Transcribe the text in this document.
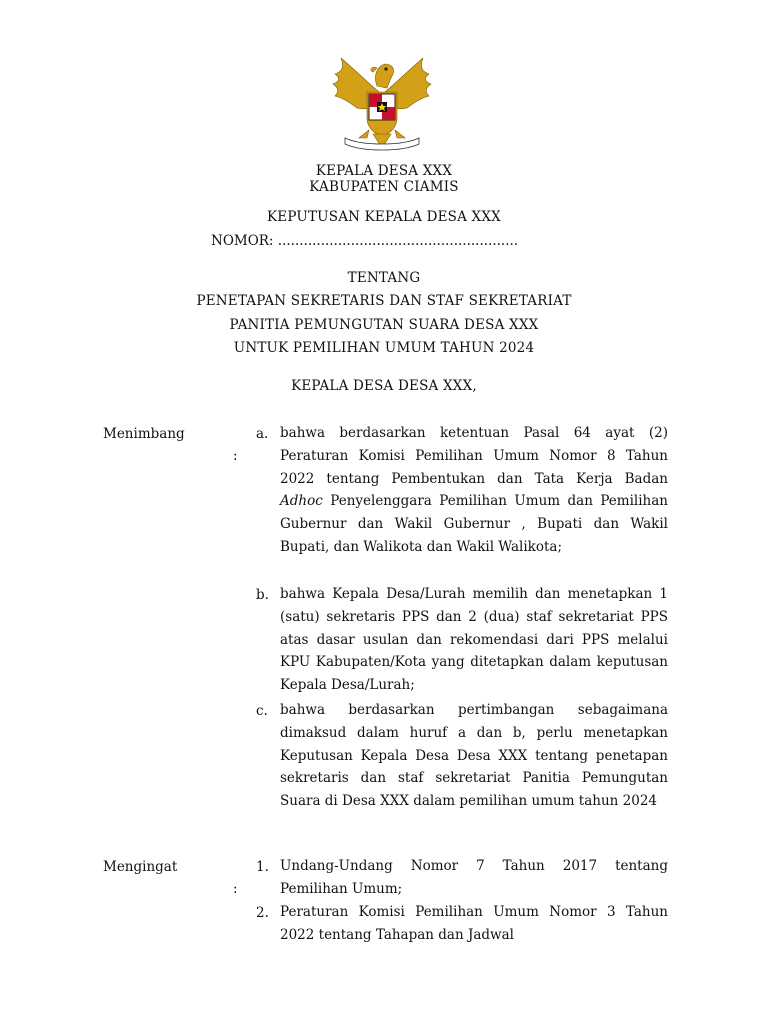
KEPALA DESA XXX
KABUPATEN CIAMIS
KEPUTUSAN KEPALA DESA XXX
NOMOR: ........................................................
TENTANG
PENETAPAN SEKRETARIS DAN STAF SEKRETARIAT
PANITIA PEMUNGUTAN SUARA DESA XXX
UNTUK PEMILIHAN UMUM TAHUN 2024
KEPALA DESA DESA XXX,
Menimbang
:
a. bahwa berdasarkan ketentuan Pasal 64 ayat (2) Peraturan Komisi Pemilihan Umum Nomor 8 Tahun 2022 tentang Pembentukan dan Tata Kerja Badan Adhoc Penyelenggara Pemilihan Umum dan Pemilihan Gubernur dan Wakil Gubernur , Bupati dan Wakil Bupati, dan Walikota dan Wakil Walikota;
b. bahwa Kepala Desa/Lurah memilih dan menetapkan 1 (satu) sekretaris PPS dan 2 (dua) staf sekretariat PPS atas dasar usulan dan rekomendasi dari PPS melalui KPU Kabupaten/Kota yang ditetapkan dalam keputusan Kepala Desa/Lurah;
c. bahwa berdasarkan pertimbangan sebagaimana dimaksud dalam huruf a dan b, perlu menetapkan Keputusan Kepala Desa Desa XXX tentang penetapan sekretaris dan staf sekretariat Panitia Pemungutan Suara di Desa XXX dalam pemilihan umum tahun 2024
Mengingat
:
1. Undang-Undang Nomor 7 Tahun 2017 tentang Pemilihan Umum;
2. Peraturan Komisi Pemilihan Umum Nomor 3 Tahun 2022 tentang Tahapan dan Jadwal
